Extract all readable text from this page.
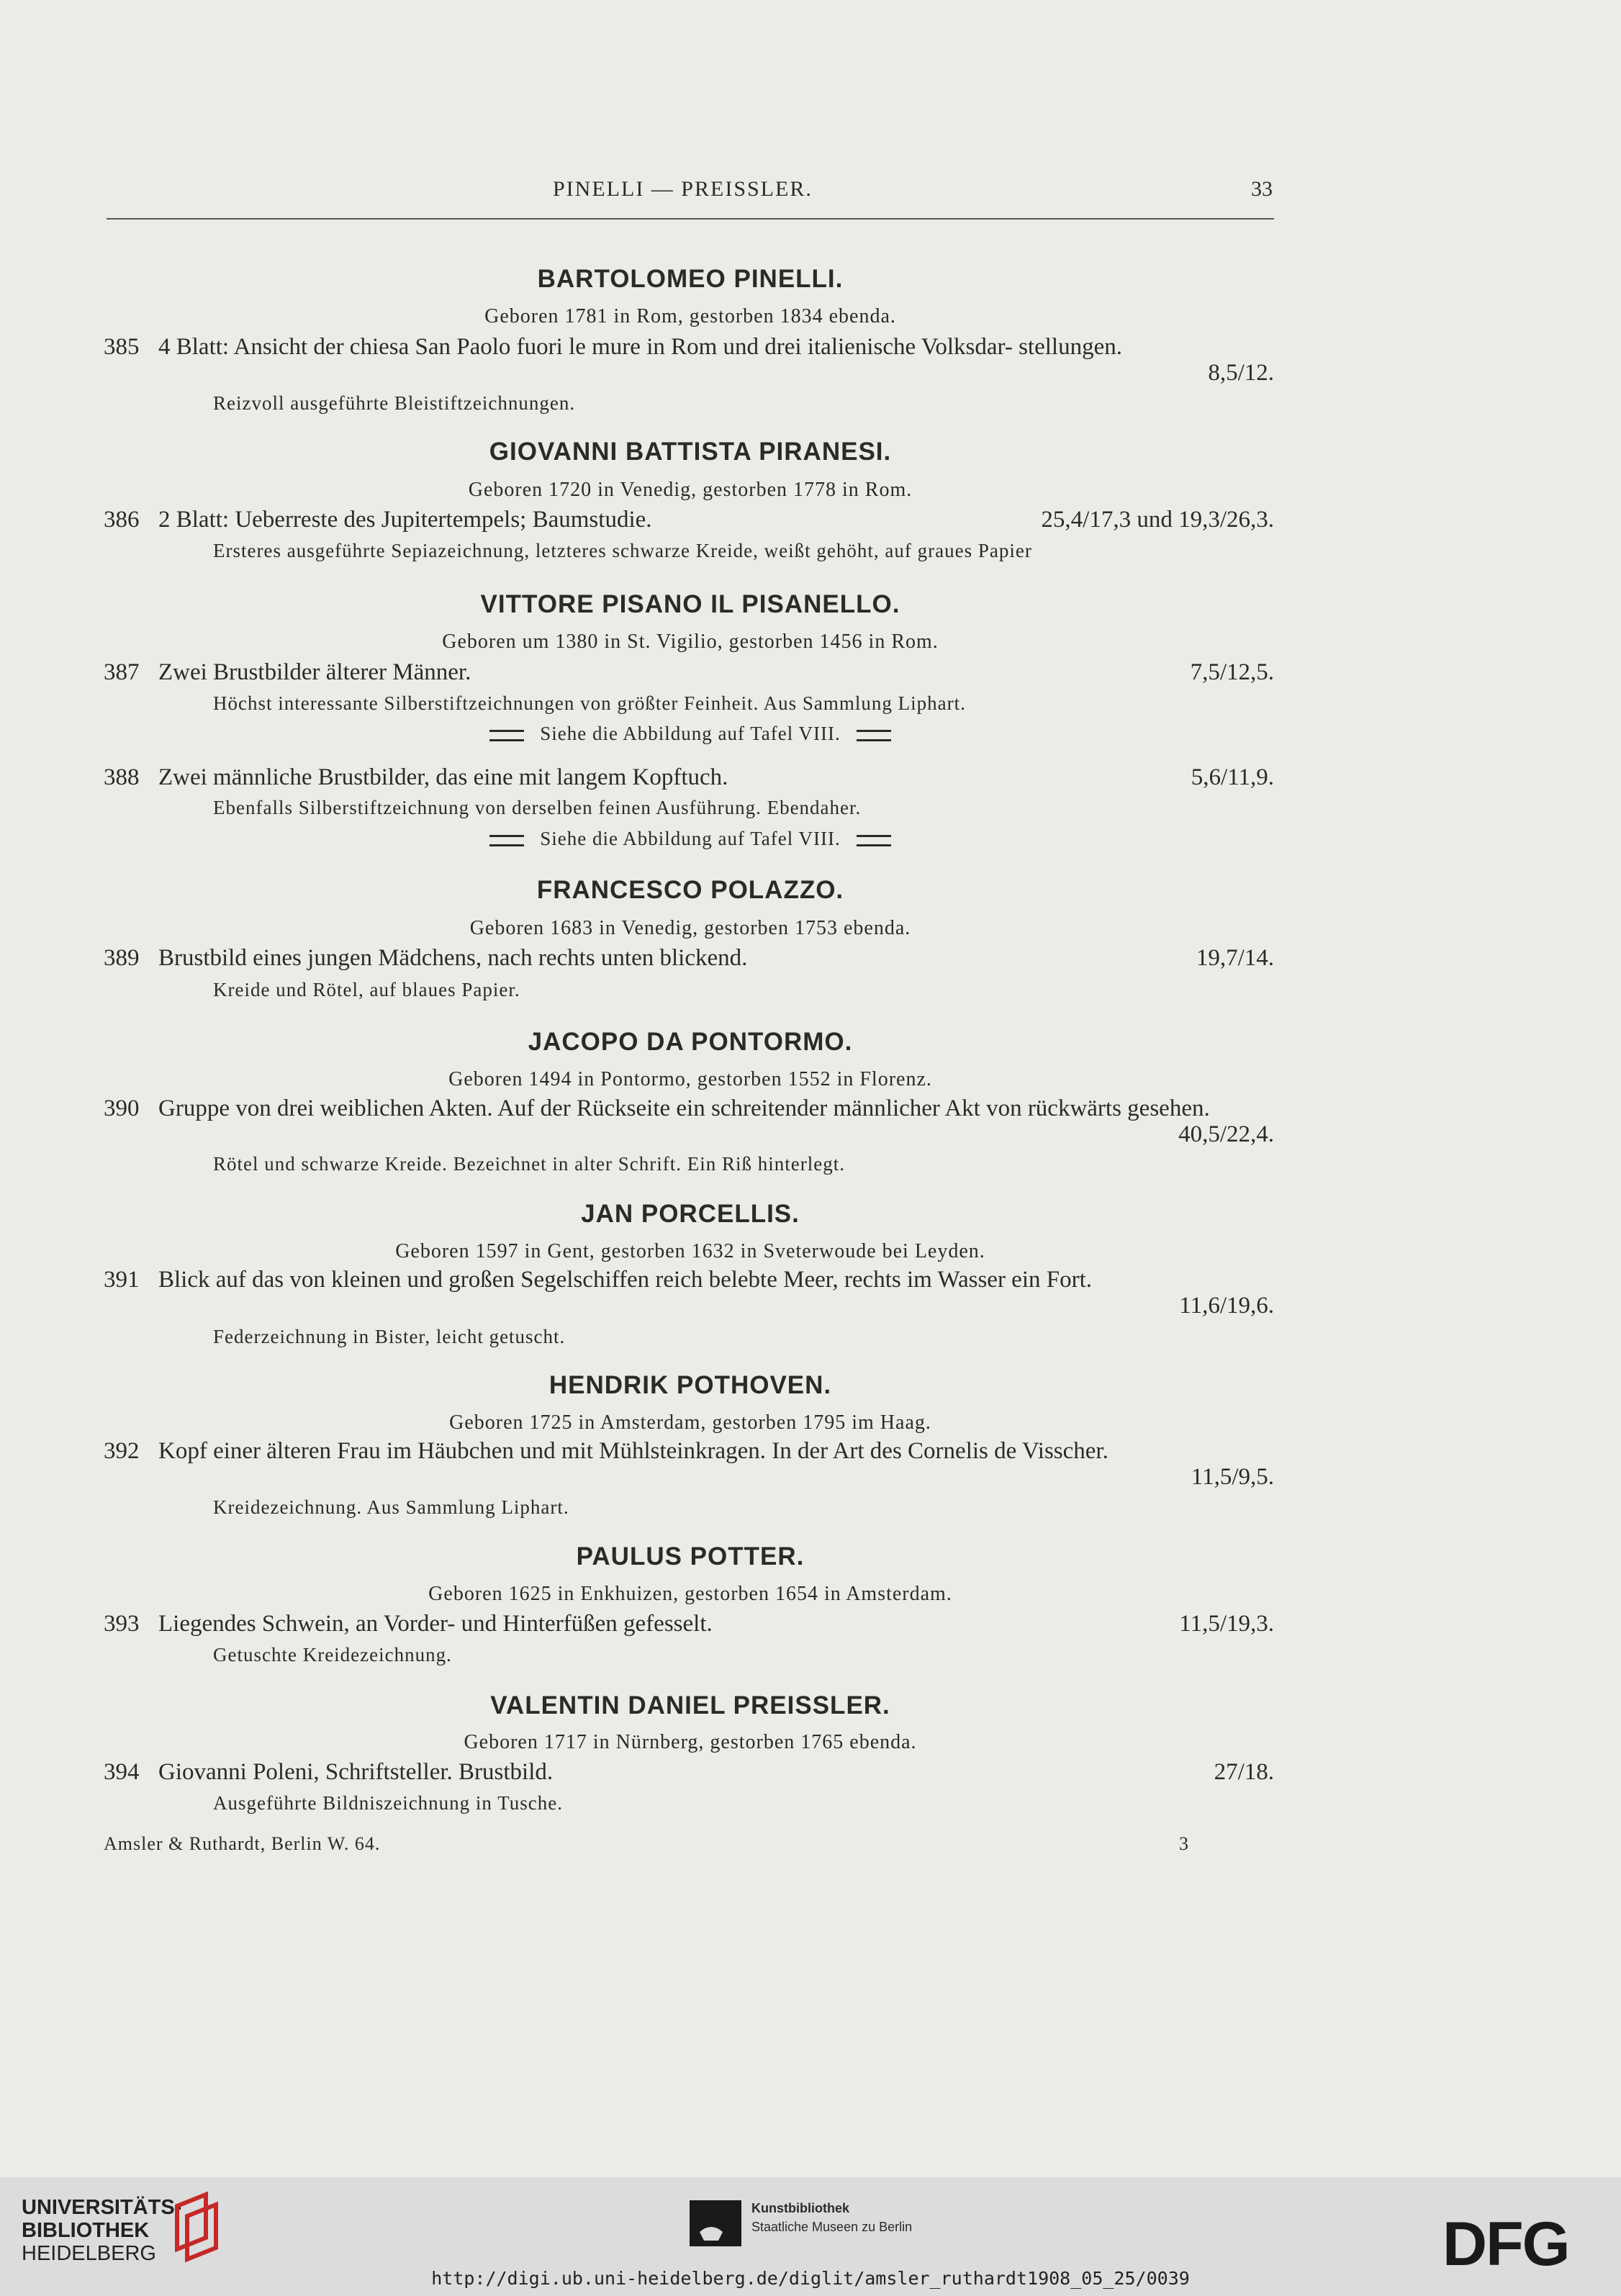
PINELLI — PREISSLER.	33
BARTOLOMEO PINELLI.
Geboren 1781 in Rom, gestorben 1834 ebenda.
385 4 Blatt: Ansicht der chiesa San Paolo fuori le mure in Rom und drei italienische Volksdar- stellungen.
8,5/12.
Reizvoll ausgeführte Bleistiftzeichnungen.
GIOVANNI BATTISTA PIRANESI.
Geboren 1720 in Venedig, gestorben 1778 in Rom.
386 2 Blatt: Ueberreste des Jupitertempels; Baumstudie.	25,4/17,3 und 19,3/26,3.
Ersteres ausgeführte Sepiazeichnung, letzteres schwarze Kreide, weißt gehöht, auf graues Papier
VITTORE PISANO IL PISANELLO.
Geboren um 1380 in St. Vigilio, gestorben 1456 in Rom.
387 Zwei Brustbilder älterer Männer.	7,5/12,5.
Höchst interessante Silberstiftzeichnungen von größter Feinheit. Aus Sammlung Liphart.
Siehe die Abbildung auf Tafel VIII.
388 Zwei männliche Brustbilder, das eine mit langem Kopftuch.	5,6/11,9.
Ebenfalls Silberstiftzeichnung von derselben feinen Ausführung. Ebendaher.
Siehe die Abbildung auf Tafel VIII.
FRANCESCO POLAZZO.
Geboren 1683 in Venedig, gestorben 1753 ebenda.
389 Brustbild eines jungen Mädchens, nach rechts unten blickend.	19,7/14.
Kreide und Rötel, auf blaues Papier.
JACOPO DA PONTORMO.
Geboren 1494 in Pontormo, gestorben 1552 in Florenz.
390 Gruppe von drei weiblichen Akten. Auf der Rückseite ein schreitender männlicher Akt von rückwärts gesehen.
40,5/22,4.
Rötel und schwarze Kreide. Bezeichnet in alter Schrift. Ein Riß hinterlegt.
JAN PORCELLIS.
Geboren 1597 in Gent, gestorben 1632 in Sveterwoude bei Leyden.
391 Blick auf das von kleinen und großen Segelschiffen reich belebte Meer, rechts im Wasser ein Fort.
11,6/19,6.
Federzeichnung in Bister, leicht getuscht.
HENDRIK POTHOVEN.
Geboren 1725 in Amsterdam, gestorben 1795 im Haag.
392 Kopf einer älteren Frau im Häubchen und mit Mühlsteinkragen. In der Art des Cornelis de Visscher.
11,5/9,5.
Kreidezeichnung. Aus Sammlung Liphart.
PAULUS POTTER.
Geboren 1625 in Enkhuizen, gestorben 1654 in Amsterdam.
393 Liegendes Schwein, an Vorder- und Hinterfüßen gefesselt.	11,5/19,3.
Getuschte Kreidezeichnung.
VALENTIN DANIEL PREISSLER.
Geboren 1717 in Nürnberg, gestorben 1765 ebenda.
394 Giovanni Poleni, Schriftsteller. Brustbild.	27/18.
Ausgeführte Bildniszeichnung in Tusche.
Amsler & Ruthardt, Berlin W. 64.	3
UNIVERSITÄTS-
BIBLIOTHEK
HEIDELBERG
Kunstbibliothek
Staatliche Museen zu Berlin	DFG
http://digi.ub.uni-heidelberg.de/diglit/amsler_ruthardt1908_05_25/0039
